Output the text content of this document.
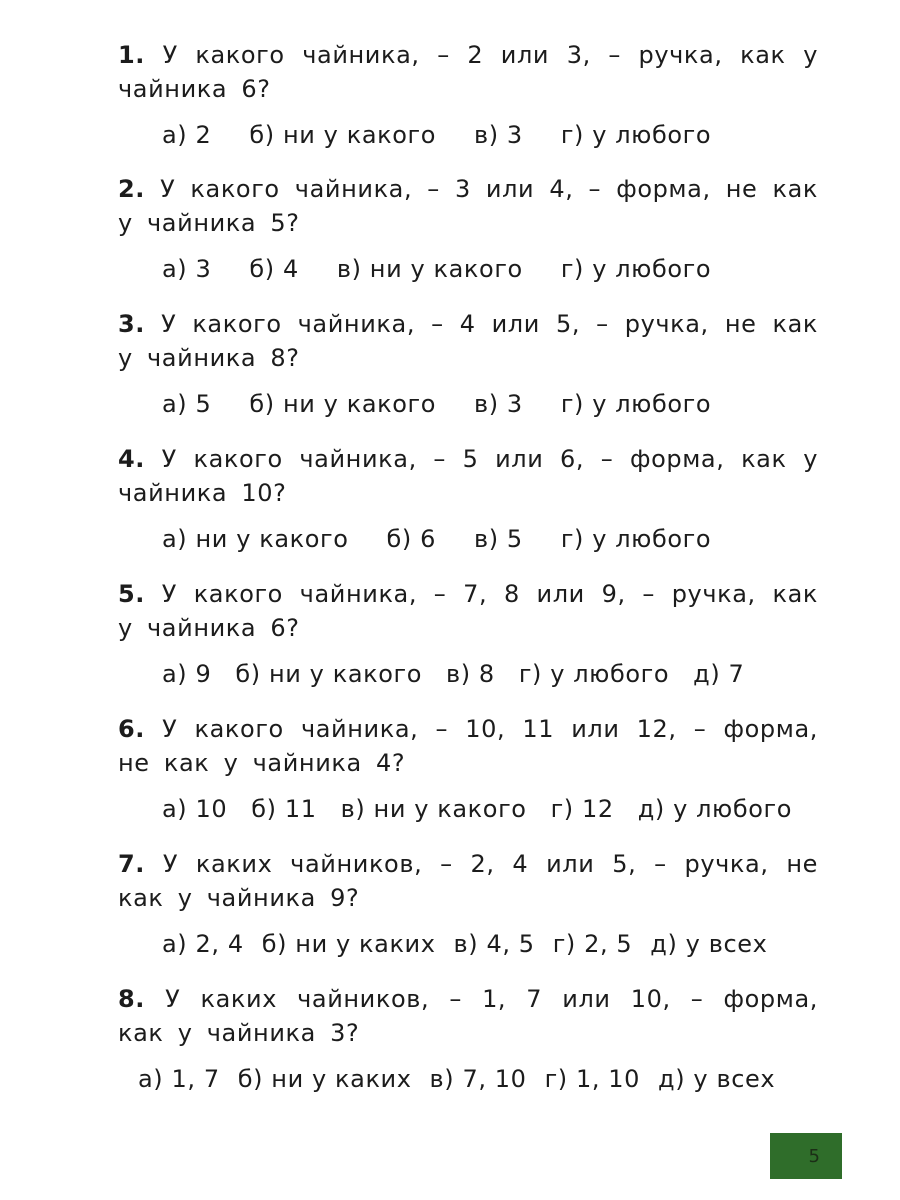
1. У какого чайника, – 2 или 3, – ручка, как у чайника 6?

а) 2 б) ни у какого в) 3 г) у любого

2. У какого чайника, – 3 или 4, – форма, не как у чайника 5?

а) 3 б) 4 в) ни у какого г) у любого

3. У какого чайника, – 4 или 5, – ручка, не как у чайника 8?

а) 5 б) ни у какого в) 3 г) у любого

4. У какого чайника, – 5 или 6, – форма, как у чайника 10?

а) ни у какого б) 6 в) 5 г) у любого

5. У какого чайника, – 7, 8 или 9, – ручка, как у чайника 6?

а) 9 б) ни у какого в) 8 г) у любого д) 7

6. У какого чайника, – 10, 11 или 12, – форма, не как у чайника 4?

а) 10 б) 11 в) ни у какого г) 12 д) у любого

7. У каких чайников, – 2, 4 или 5, – ручка, не как у чайника 9?

а) 2, 4 б) ни у каких в) 4, 5 г) 2, 5 д) у всех

8. У каких чайников, – 1, 7 или 10, – форма, как у чайника 3?

а) 1, 7 б) ни у каких в) 7, 10 г) 1, 10 д) у всех
5
